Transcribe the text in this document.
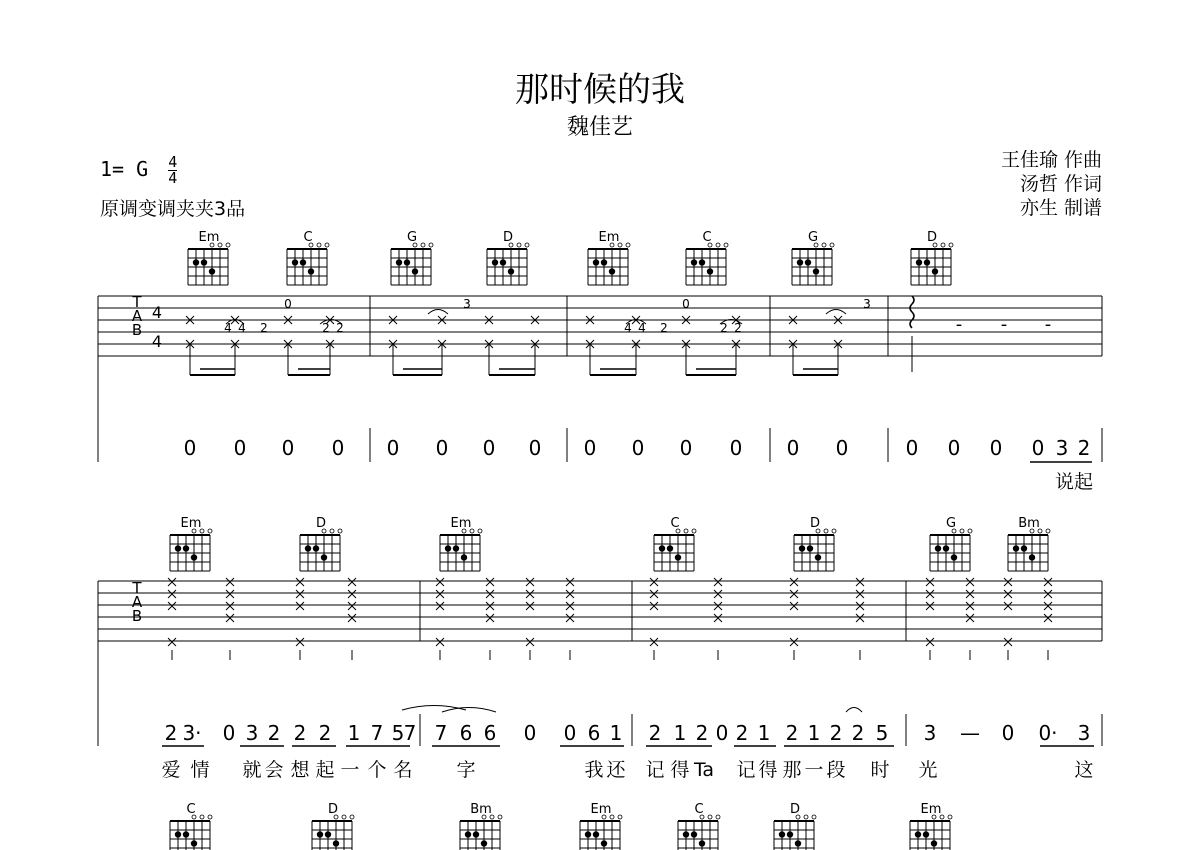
那时候的我
魏佳艺
1= G $\frac{4}{4}$
原调变调夹夹3品
王佳瑜 作曲
汤哲 作词
亦生 制谱
Em	C	G	D	Em	C	G	D
T
A
B
4
4
0
4 4 2	2 2
3	0
4 4 2	2 2
3
- - -
0 0 0 0 0 0 0 0 0 0 0 0 0 0	0 0 0 0 3 2
说起
Em	D	Em	C	D	G	Bm
T
A
B
2 3· 0 3 2 2 2 1 7 5 7 7 6 6 0 0 6 1 2 1 2 0 2 1 2 1 2 2 5 3 — 0 0· 3
爱 情 就 会 想 起 一 个 名 字	我 还 记 得 Ta 记 得 那 一 段 时 光	这
C	D	Bm	Em	C	D	Em
